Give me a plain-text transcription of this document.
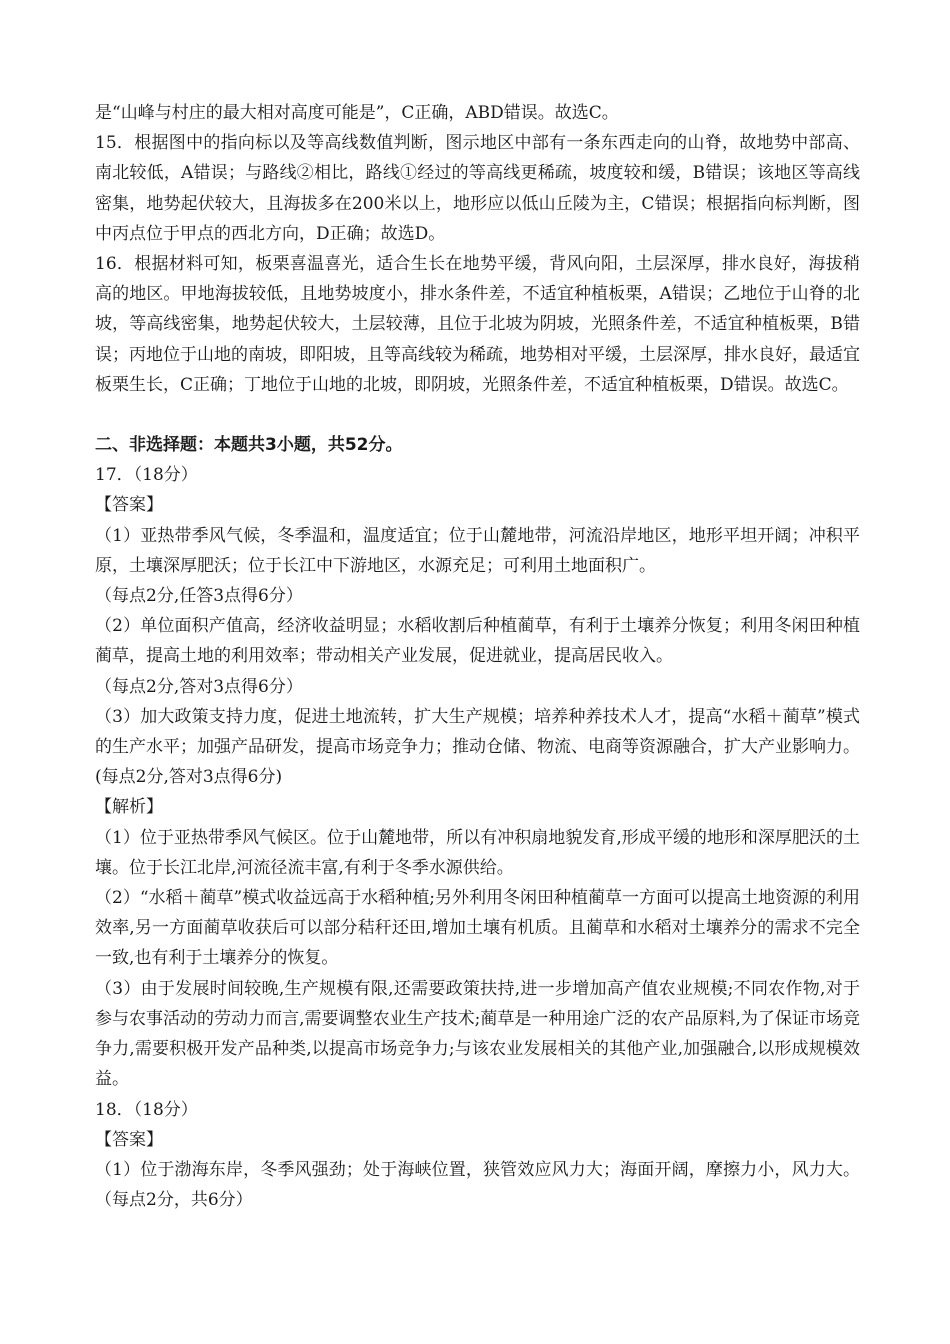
是“山峰与村庄的最大相对高度可能是”，C正确，ABD错误。故选C。

15．根据图中的指向标以及等高线数值判断，图示地区中部有一条东西走向的山脊，故地势中部高、南北较低，A错误；与路线②相比，路线①经过的等高线更稀疏，坡度较和缓，B错误；该地区等高线密集，地势起伏较大，且海拔多在200米以上，地形应以低山丘陵为主，C错误；根据指向标判断，图中丙点位于甲点的西北方向，D正确；故选D。

16．根据材料可知，板栗喜温喜光，适合生长在地势平缓，背风向阳，土层深厚，排水良好，海拔稍高的地区。甲地海拔较低，且地势坡度小，排水条件差，不适宜种植板栗，A错误；乙地位于山脊的北坡，等高线密集，地势起伏较大，土层较薄，且位于北坡为阴坡，光照条件差，不适宜种植板栗，B错误；丙地位于山地的南坡，即阳坡，且等高线较为稀疏，地势相对平缓，土层深厚，排水良好，最适宜板栗生长，C正确；丁地位于山地的北坡，即阴坡，光照条件差，不适宜种植板栗，D错误。故选C。

二、非选择题：本题共3小题，共52分。

17．（18分）

【答案】

（1）亚热带季风气候，冬季温和，温度适宜；位于山麓地带，河流沿岸地区，地形平坦开阔；冲积平原，土壤深厚肥沃；位于长江中下游地区，水源充足；可利用土地面积广。

（每点2分,任答3点得6分）

（2）单位面积产值高，经济收益明显；水稻收割后种植蔺草，有利于土壤养分恢复；利用冬闲田种植蔺草，提高土地的利用效率；带动相关产业发展，促进就业，提高居民收入。

（每点2分,答对3点得6分）

（3）加大政策支持力度，促进土地流转，扩大生产规模；培养种养技术人才，提高“水稻＋蔺草”模式的生产水平；加强产品研发，提高市场竞争力；推动仓储、物流、电商等资源融合，扩大产业影响力。(每点2分,答对3点得6分)

【解析】

（1）位于亚热带季风气候区。位于山麓地带，所以有冲积扇地貌发育,形成平缓的地形和深厚肥沃的土壤。位于长江北岸,河流径流丰富,有利于冬季水源供给。

（2）“水稻＋蔺草”模式收益远高于水稻种植;另外利用冬闲田种植蔺草一方面可以提高土地资源的利用效率,另一方面蔺草收获后可以部分秸秆还田,增加土壤有机质。且蔺草和水稻对土壤养分的需求不完全一致,也有利于土壤养分的恢复。

（3）由于发展时间较晚,生产规模有限,还需要政策扶持,进一步增加高产值农业规模;不同农作物,对于参与农事活动的劳动力而言,需要调整农业生产技术;蔺草是一种用途广泛的农产品原料,为了保证市场竞争力,需要积极开发产品种类,以提高市场竞争力;与该农业发展相关的其他产业,加强融合,以形成规模效益。

18．（18分）

【答案】

（1）位于渤海东岸，冬季风强劲；处于海峡位置，狭管效应风力大；海面开阔，摩擦力小，风力大。（每点2分，共6分）
